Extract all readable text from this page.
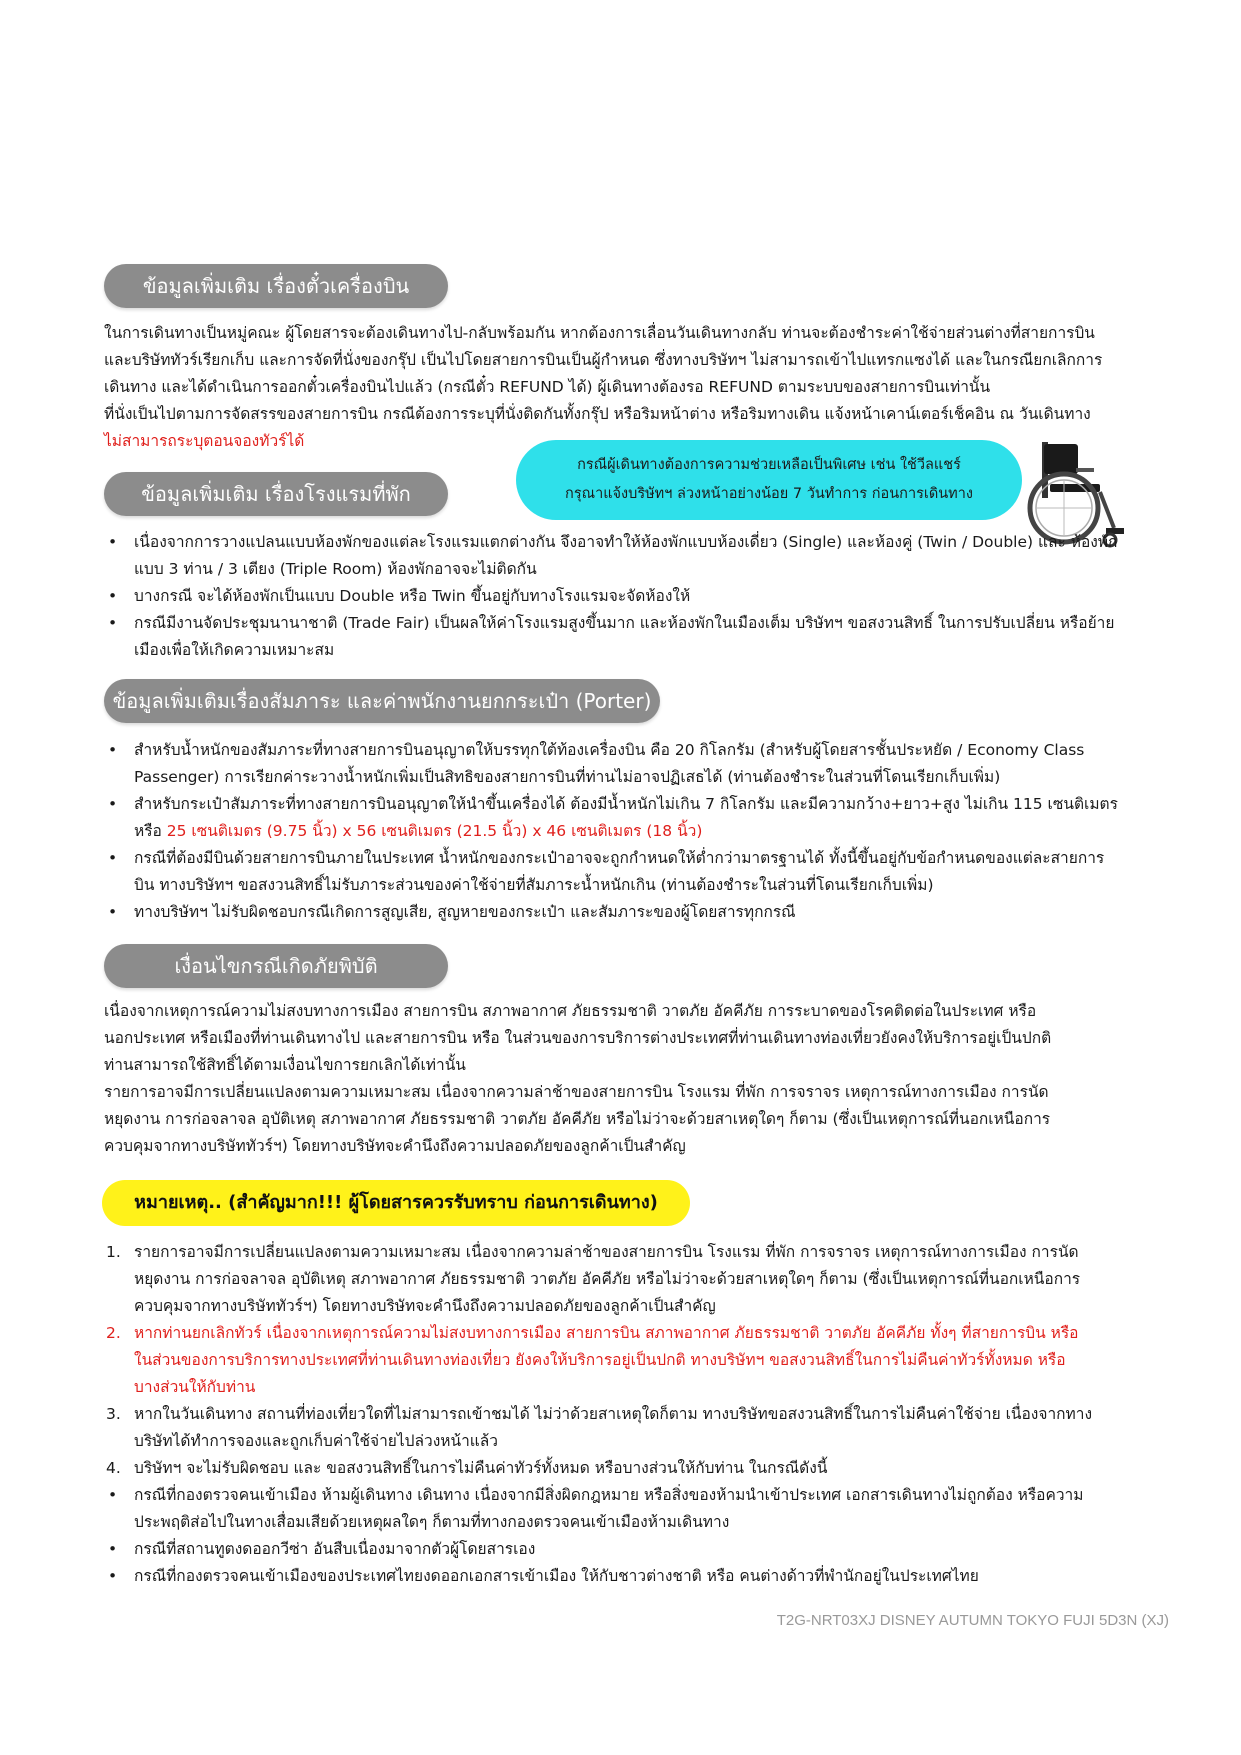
ข้อมูลเพิ่มเติม เรื่องตั๋วเครื่องบิน
ในการเดินทางเป็นหมู่คณะ ผู้โดยสารจะต้องเดินทางไป-กลับพร้อมกัน หากต้องการเลื่อนวันเดินทางกลับ ท่านจะต้องชำระค่าใช้จ่ายส่วนต่างที่สายการบิน
และบริษัททัวร์เรียกเก็บ และการจัดที่นั่งของกรุ๊ป เป็นไปโดยสายการบินเป็นผู้กำหนด ซึ่งทางบริษัทฯ ไม่สามารถเข้าไปแทรกแซงได้ และในกรณียกเลิกการ
เดินทาง และได้ดำเนินการออกตั๋วเครื่องบินไปแล้ว (กรณีตั๋ว REFUND ได้) ผู้เดินทางต้องรอ REFUND ตามระบบของสายการบินเท่านั้น
ที่นั่งเป็นไปตามการจัดสรรของสายการบิน กรณีต้องการระบุที่นั่งติดกันทั้งกรุ๊ป หรือริมหน้าต่าง หรือริมทางเดิน แจ้งหน้าเคาน์เตอร์เช็คอิน ณ วันเดินทาง
ไม่สามารถระบุตอนจองทัวร์ได้
กรณีผู้เดินทางต้องการความช่วยเหลือเป็นพิเศษ เช่น ใช้วีลแชร์
กรุณาแจ้งบริษัทฯ ล่วงหน้าอย่างน้อย 7 วันทำการ ก่อนการเดินทาง
ข้อมูลเพิ่มเติม เรื่องโรงแรมที่พัก
• เนื่องจากการวางแปลนแบบห้องพักของแต่ละโรงแรมแตกต่างกัน จึงอาจทำให้ห้องพักแบบห้องเดี่ยว (Single) และห้องคู่ (Twin / Double) และ ห้องพัก
แบบ 3 ท่าน / 3 เตียง (Triple Room) ห้องพักอาจจะไม่ติดกัน
• บางกรณี จะได้ห้องพักเป็นแบบ Double หรือ Twin ขึ้นอยู่กับทางโรงแรมจะจัดห้องให้
• กรณีมีงานจัดประชุมนานาชาติ (Trade Fair) เป็นผลให้ค่าโรงแรมสูงขึ้นมาก และห้องพักในเมืองเต็ม บริษัทฯ ขอสงวนสิทธิ์ ในการปรับเปลี่ยน หรือย้าย
เมืองเพื่อให้เกิดความเหมาะสม
ข้อมูลเพิ่มเติมเรื่องสัมภาระ และค่าพนักงานยกกระเป๋า (Porter)
• สำหรับน้ำหนักของสัมภาระที่ทางสายการบินอนุญาตให้บรรทุกใต้ท้องเครื่องบิน คือ 20 กิโลกรัม (สำหรับผู้โดยสารชั้นประหยัด / Economy Class
Passenger) การเรียกค่าระวางน้ำหนักเพิ่มเป็นสิทธิของสายการบินที่ท่านไม่อาจปฏิเสธได้ (ท่านต้องชำระในส่วนที่โดนเรียกเก็บเพิ่ม)
• สำหรับกระเป๋าสัมภาระที่ทางสายการบินอนุญาตให้นำขึ้นเครื่องได้ ต้องมีน้ำหนักไม่เกิน 7 กิโลกรัม และมีความกว้าง+ยาว+สูง ไม่เกิน 115 เซนติเมตร
หรือ 25 เซนติเมตร (9.75 นิ้ว) x 56 เซนติเมตร (21.5 นิ้ว) x 46 เซนติเมตร (18 นิ้ว)
• กรณีที่ต้องมีบินด้วยสายการบินภายในประเทศ น้ำหนักของกระเป๋าอาจจะถูกกำหนดให้ต่ำกว่ามาตรฐานได้ ทั้งนี้ขึ้นอยู่กับข้อกำหนดของแต่ละสายการ
บิน ทางบริษัทฯ ขอสงวนสิทธิ์ไม่รับภาระส่วนของค่าใช้จ่ายที่สัมภาระน้ำหนักเกิน (ท่านต้องชำระในส่วนที่โดนเรียกเก็บเพิ่ม)
• ทางบริษัทฯ ไม่รับผิดชอบกรณีเกิดการสูญเสีย, สูญหายของกระเป๋า และสัมภาระของผู้โดยสารทุกกรณี
เงื่อนไขกรณีเกิดภัยพิบัติ
เนื่องจากเหตุการณ์ความไม่สงบทางการเมือง สายการบิน สภาพอากาศ ภัยธรรมชาติ วาตภัย อัคคีภัย การระบาดของโรคติดต่อในประเทศ หรือ
นอกประเทศ หรือเมืองที่ท่านเดินทางไป และสายการบิน หรือ ในส่วนของการบริการต่างประเทศที่ท่านเดินทางท่องเที่ยวยังคงให้บริการอยู่เป็นปกติ
ท่านสามารถใช้สิทธิ์ได้ตามเงื่อนไขการยกเลิกได้เท่านั้น
รายการอาจมีการเปลี่ยนแปลงตามความเหมาะสม เนื่องจากความล่าช้าของสายการบิน โรงแรม ที่พัก การจราจร เหตุการณ์ทางการเมือง การนัด
หยุดงาน การก่อจลาจล อุบัติเหตุ สภาพอากาศ ภัยธรรมชาติ วาตภัย อัคคีภัย หรือไม่ว่าจะด้วยสาเหตุใดๆ ก็ตาม (ซึ่งเป็นเหตุการณ์ที่นอกเหนือการ
ควบคุมจากทางบริษัททัวร์ฯ) โดยทางบริษัทจะคำนึงถึงความปลอดภัยของลูกค้าเป็นสำคัญ
หมายเหตุ.. (สำคัญมาก!!! ผู้โดยสารควรรับทราบ ก่อนการเดินทาง)
1. รายการอาจมีการเปลี่ยนแปลงตามความเหมาะสม เนื่องจากความล่าช้าของสายการบิน โรงแรม ที่พัก การจราจร เหตุการณ์ทางการเมือง การนัด
หยุดงาน การก่อจลาจล อุบัติเหตุ สภาพอากาศ ภัยธรรมชาติ วาตภัย อัคคีภัย หรือไม่ว่าจะด้วยสาเหตุใดๆ ก็ตาม (ซึ่งเป็นเหตุการณ์ที่นอกเหนือการ
ควบคุมจากทางบริษัททัวร์ฯ) โดยทางบริษัทจะคำนึงถึงความปลอดภัยของลูกค้าเป็นสำคัญ
2. หากท่านยกเลิกทัวร์ เนื่องจากเหตุการณ์ความไม่สงบทางการเมือง สายการบิน สภาพอากาศ ภัยธรรมชาติ วาตภัย อัคคีภัย ทั้งๆ ที่สายการบิน หรือ
ในส่วนของการบริการทางประเทศที่ท่านเดินทางท่องเที่ยว ยังคงให้บริการอยู่เป็นปกติ ทางบริษัทฯ ขอสงวนสิทธิ์ในการไม่คืนค่าทัวร์ทั้งหมด หรือ
บางส่วนให้กับท่าน
3. หากในวันเดินทาง สถานที่ท่องเที่ยวใดที่ไม่สามารถเข้าชมได้ ไม่ว่าด้วยสาเหตุใดก็ตาม ทางบริษัทขอสงวนสิทธิ์ในการไม่คืนค่าใช้จ่าย เนื่องจากทาง
บริษัทได้ทำการจองและถูกเก็บค่าใช้จ่ายไปล่วงหน้าแล้ว
4. บริษัทฯ จะไม่รับผิดชอบ และ ขอสงวนสิทธิ์ในการไม่คืนค่าทัวร์ทั้งหมด หรือบางส่วนให้กับท่าน ในกรณีดังนี้
• กรณีที่กองตรวจคนเข้าเมือง ห้ามผู้เดินทาง เดินทาง เนื่องจากมีสิ่งผิดกฎหมาย หรือสิ่งของห้ามนำเข้าประเทศ เอกสารเดินทางไม่ถูกต้อง หรือความ
ประพฤติส่อไปในทางเสื่อมเสียด้วยเหตุผลใดๆ ก็ตามที่ทางกองตรวจคนเข้าเมืองห้ามเดินทาง
• กรณีที่สถานทูตงดออกวีซ่า อันสืบเนื่องมาจากตัวผู้โดยสารเอง
• กรณีที่กองตรวจคนเข้าเมืองของประเทศไทยงดออกเอกสารเข้าเมือง ให้กับชาวต่างชาติ หรือ คนต่างด้าวที่พำนักอยู่ในประเทศไทย
T2G-NRT03XJ DISNEY AUTUMN TOKYO FUJI 5D3N (XJ)
